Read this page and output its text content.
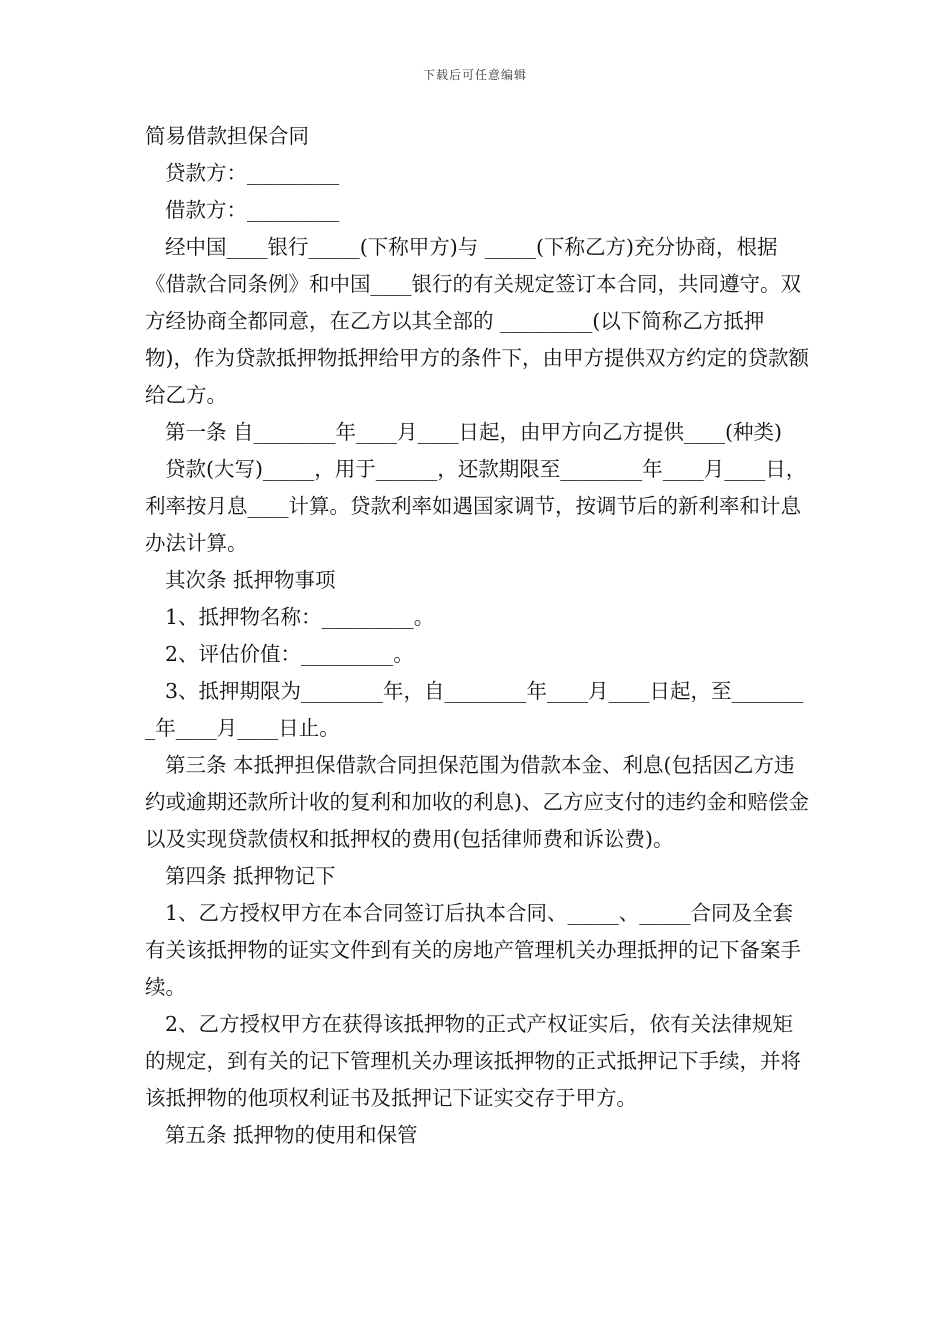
下载后可任意编辑

简易借款担保合同

贷款方：_________

借款方：_________

经中国____银行_____(下称甲方)与 _____(下称乙方)充分协商，根据《借款合同条例》和中国____银行的有关规定签订本合同，共同遵守。双方经协商全都同意，在乙方以其全部的 _________(以下简称乙方抵押物)，作为贷款抵押物抵押给甲方的条件下，由甲方提供双方约定的贷款额给乙方。

第一条 自________年____月____日起，由甲方向乙方提供____(种类)

贷款(大写)_____，用于______，还款期限至________年____月____日，利率按月息____计算。贷款利率如遇国家调节，按调节后的新利率和计息办法计算。

其次条 抵押物事项

1、抵押物名称：_________。

2、评估价值：_________。

3、抵押期限为________年，自________年____月____日起，至________年____月____日止。

第三条 本抵押担保借款合同担保范围为借款本金、利息(包括因乙方违约或逾期还款所计收的复利和加收的利息)、乙方应支付的违约金和赔偿金以及实现贷款债权和抵押权的费用(包括律师费和诉讼费)。

第四条 抵押物记下

1、乙方授权甲方在本合同签订后执本合同、_____、_____合同及全套有关该抵押物的证实文件到有关的房地产管理机关办理抵押的记下备案手续。

2、乙方授权甲方在获得该抵押物的正式产权证实后，依有关法律规矩的规定，到有关的记下管理机关办理该抵押物的正式抵押记下手续，并将该抵押物的他项权利证书及抵押记下证实交存于甲方。

第五条 抵押物的使用和保管
